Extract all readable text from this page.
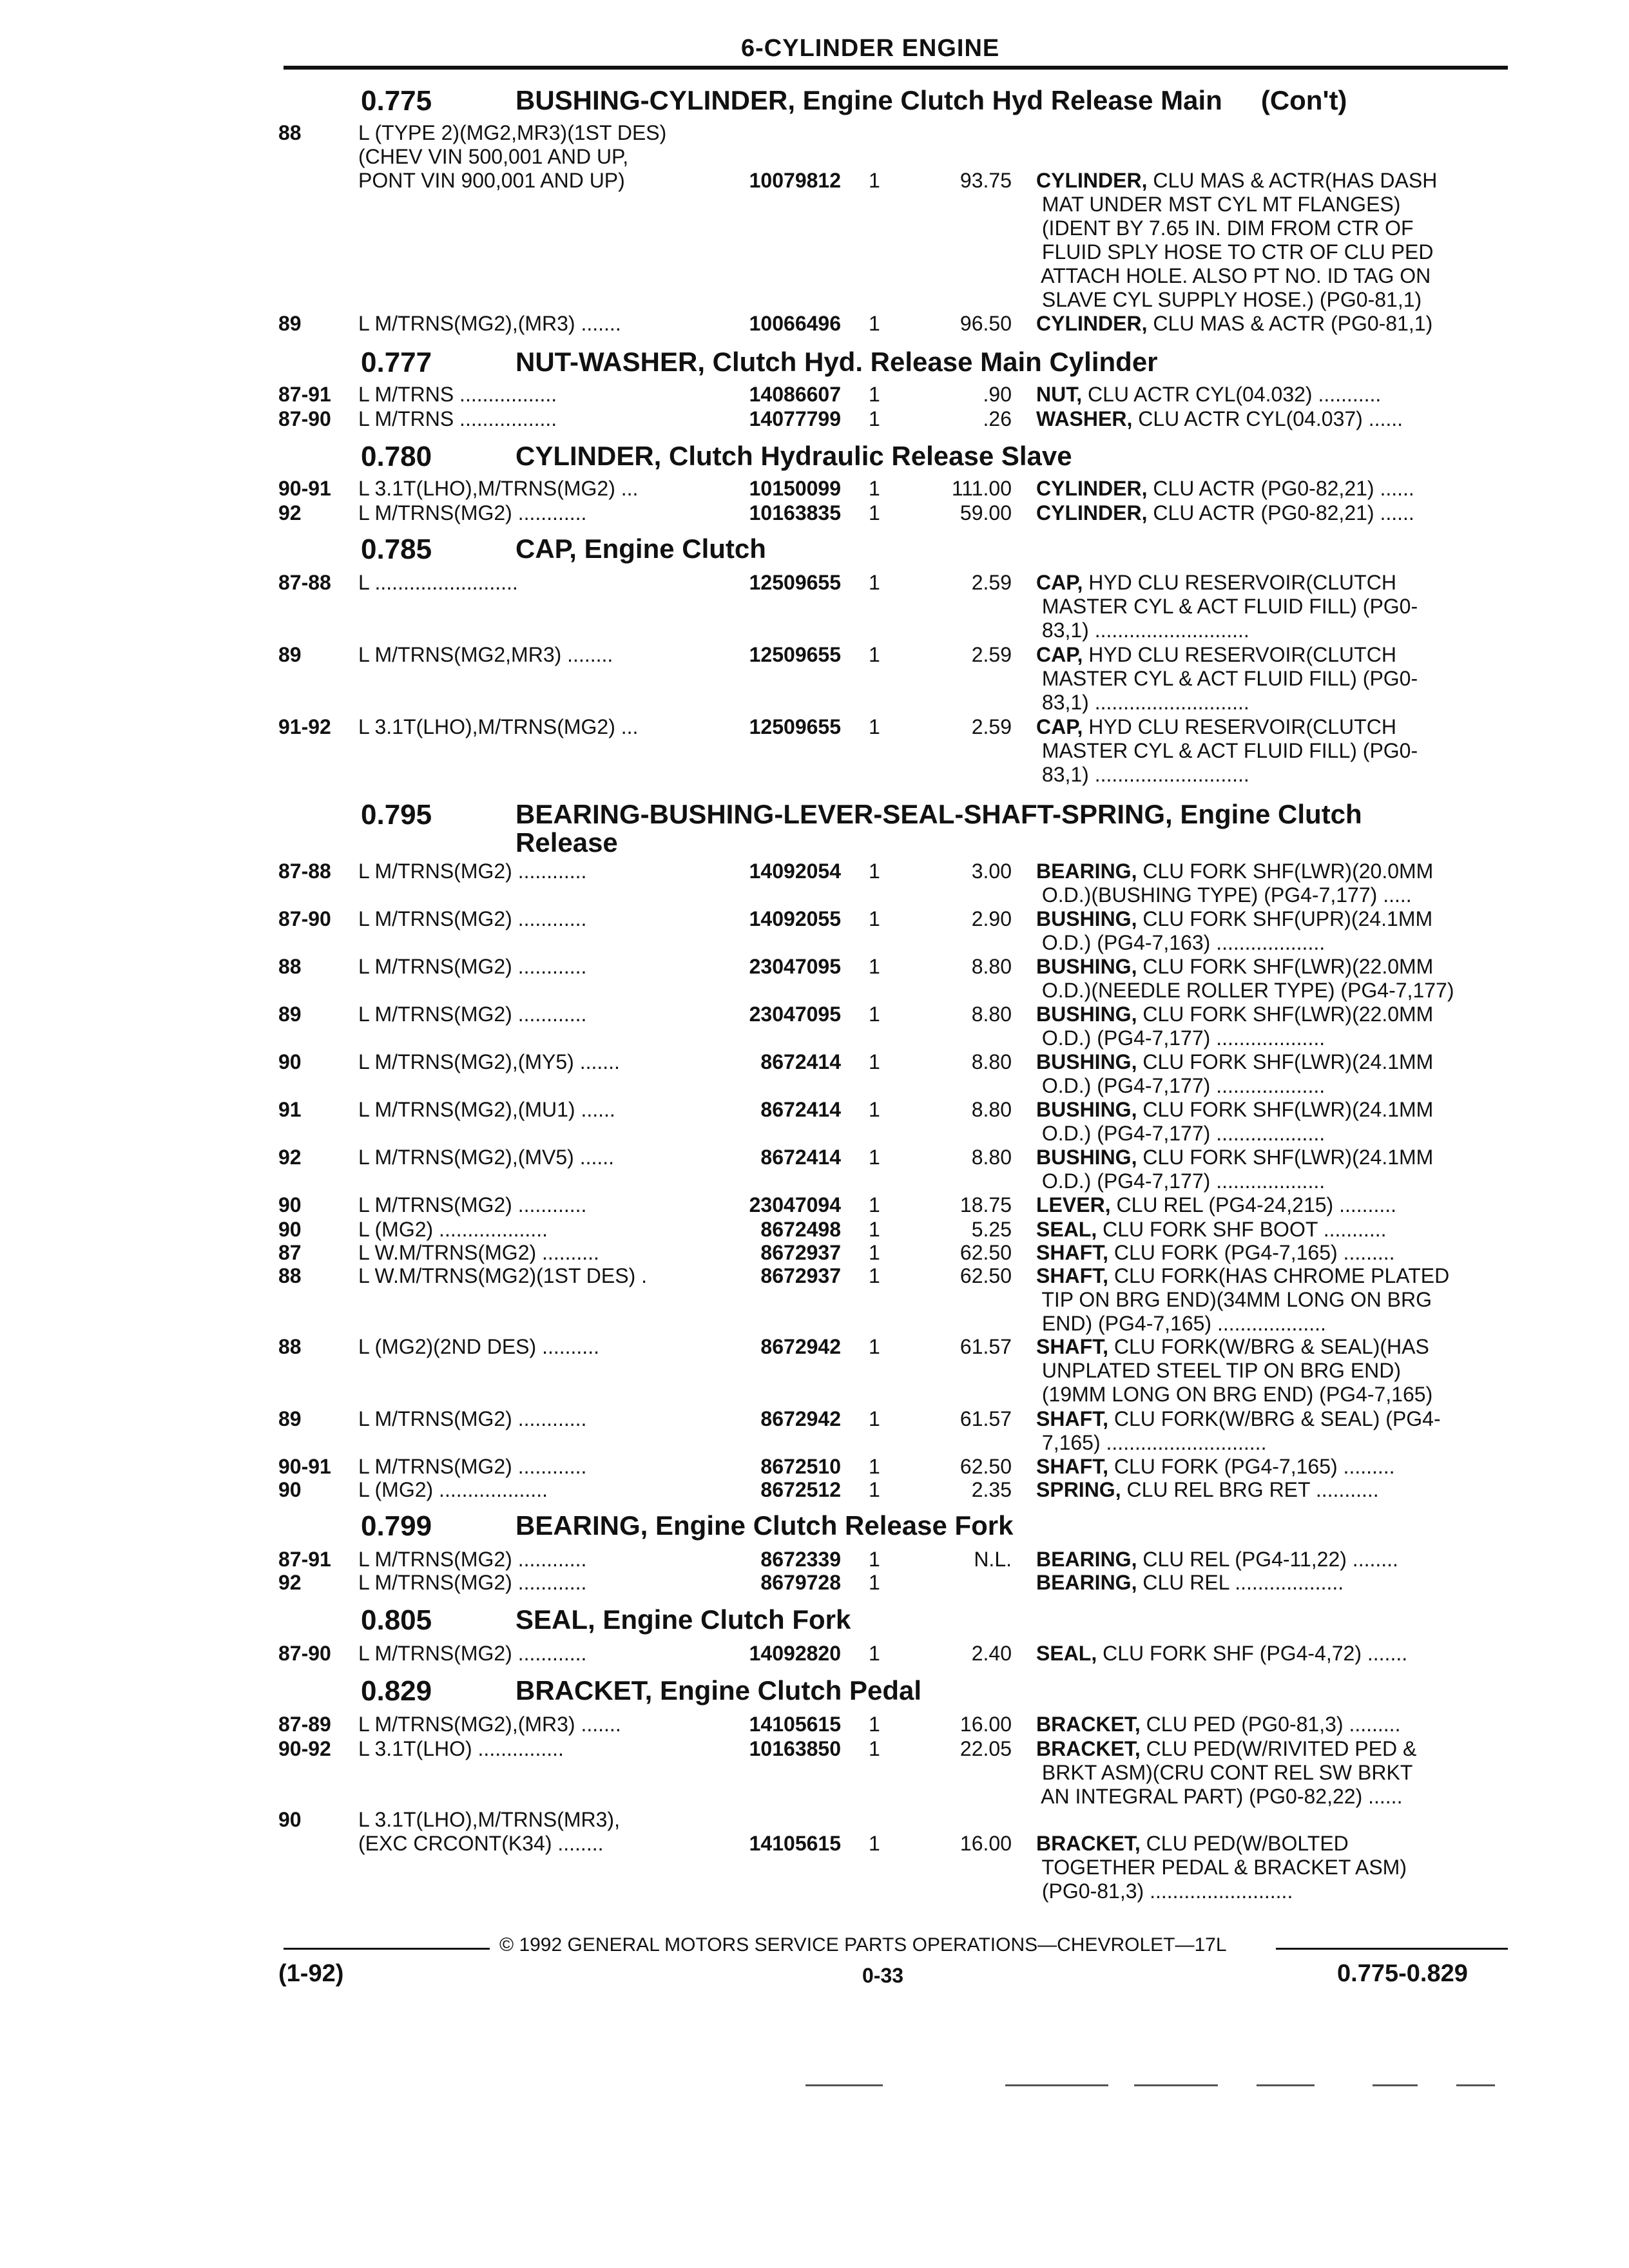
6-CYLINDER ENGINE
0.775	BUSHING-CYLINDER, Engine Clutch Hyd Release Main (Con't)
88	L (TYPE 2)(MG2,MR3)(1ST DES)
(CHEV VIN 500,001 AND UP,
PONT VIN 900,001 AND UP)	10079812 1	93.75 CYLINDER, CLU MAS & ACTR(HAS DASH
MAT UNDER MST CYL MT FLANGES)
(IDENT BY 7.65 IN. DIM FROM CTR OF
FLUID SPLY HOSE TO CTR OF CLU PED
ATTACH HOLE. ALSO PT NO. ID TAG ON
SLAVE CYL SUPPLY HOSE.) (PG0-81,1)
89	L M/TRNS(MG2),(MR3) .......	10066496 1	96.50 CYLINDER, CLU MAS & ACTR (PG0-81,1)
0.777	NUT-WASHER, Clutch Hyd. Release Main Cylinder
87-91 L M/TRNS .................	14086607 1	.90 NUT, CLU ACTR CYL(04.032) ...........
87-90 L M/TRNS .................	14077799 1	.26 WASHER, CLU ACTR CYL(04.037) ......
0.780	CYLINDER, Clutch Hydraulic Release Slave
90-91 L 3.1T(LHO),M/TRNS(MG2) ...	10150099 1	111.00 CYLINDER, CLU ACTR (PG0-82,21) ......
92	L M/TRNS(MG2) ............	10163835 1	59.00 CYLINDER, CLU ACTR (PG0-82,21) ......
0.785	CAP, Engine Clutch
87-88 L .........................	12509655 1	2.59 CAP, HYD CLU RESERVOIR(CLUTCH
MASTER CYL & ACT FLUID FILL) (PG0-
83,1) ...........................
89	L M/TRNS(MG2,MR3) ........	12509655 1	2.59 CAP, HYD CLU RESERVOIR(CLUTCH
MASTER CYL & ACT FLUID FILL) (PG0-
83,1) ...........................
91-92 L 3.1T(LHO),M/TRNS(MG2) ...	12509655 1	2.59 CAP, HYD CLU RESERVOIR(CLUTCH
MASTER CYL & ACT FLUID FILL) (PG0-
83,1) ...........................
0.795	BEARING-BUSHING-LEVER-SEAL-SHAFT-SPRING, Engine Clutch
Release
87-88 L M/TRNS(MG2) ............	14092054 1	3.00 BEARING, CLU FORK SHF(LWR)(20.0MM
O.D.)(BUSHING TYPE) (PG4-7,177) .....
87-90 L M/TRNS(MG2) ............	14092055 1	2.90 BUSHING, CLU FORK SHF(UPR)(24.1MM
O.D.) (PG4-7,163) ...................
88	L M/TRNS(MG2) ............	23047095 1	8.80 BUSHING, CLU FORK SHF(LWR)(22.0MM
O.D.)(NEEDLE ROLLER TYPE) (PG4-7,177)
89	L M/TRNS(MG2) ............	23047095 1	8.80 BUSHING, CLU FORK SHF(LWR)(22.0MM
O.D.) (PG4-7,177) ...................
90	L M/TRNS(MG2),(MY5) .......	8672414 1	8.80 BUSHING, CLU FORK SHF(LWR)(24.1MM
O.D.) (PG4-7,177) ...................
91	L M/TRNS(MG2),(MU1) ......	8672414 1	8.80 BUSHING, CLU FORK SHF(LWR)(24.1MM
O.D.) (PG4-7,177) ...................
92	L M/TRNS(MG2),(MV5) ......	8672414 1	8.80 BUSHING, CLU FORK SHF(LWR)(24.1MM
O.D.) (PG4-7,177) ...................
90	L M/TRNS(MG2) ............	23047094 1	18.75 LEVER, CLU REL (PG4-24,215) ..........
90	L (MG2) ...................	8672498 1	5.25 SEAL, CLU FORK SHF BOOT ...........
87	L W.M/TRNS(MG2) ..........	8672937 1	62.50 SHAFT, CLU FORK (PG4-7,165) .........
88	L W.M/TRNS(MG2)(1ST DES) .	8672937 1	62.50 SHAFT, CLU FORK(HAS CHROME PLATED
TIP ON BRG END)(34MM LONG ON BRG
END) (PG4-7,165) ...................
88	L (MG2)(2ND DES) ..........	8672942 1	61.57 SHAFT, CLU FORK(W/BRG & SEAL)(HAS
UNPLATED STEEL TIP ON BRG END)
(19MM LONG ON BRG END) (PG4-7,165)
89	L M/TRNS(MG2) ............	8672942 1	61.57 SHAFT, CLU FORK(W/BRG & SEAL) (PG4-
7,165) ............................
90-91 L M/TRNS(MG2) ............	8672510 1	62.50 SHAFT, CLU FORK (PG4-7,165) .........
90	L (MG2) ...................	8672512 1	2.35 SPRING, CLU REL BRG RET ...........
0.799	BEARING, Engine Clutch Release Fork
87-91 L M/TRNS(MG2) ............	8672339 1	N.L. BEARING, CLU REL (PG4-11,22) ........
92	L M/TRNS(MG2) ............	8679728 1	BEARING, CLU REL ...................
0.805	SEAL, Engine Clutch Fork
87-90 L M/TRNS(MG2) ............	14092820 1	2.40 SEAL, CLU FORK SHF (PG4-4,72) .......
0.829	BRACKET, Engine Clutch Pedal
87-89 L M/TRNS(MG2),(MR3) .......	14105615 1	16.00 BRACKET, CLU PED (PG0-81,3) .........
90-92 L 3.1T(LHO) ...............	10163850 1	22.05 BRACKET, CLU PED(W/RIVITED PED &
BRKT ASM)(CRU CONT REL SW BRKT
AN INTEGRAL PART) (PG0-82,22) ......
90	L 3.1T(LHO),M/TRNS(MR3),
(EXC CRCONT(K34) ........	14105615 1	16.00 BRACKET, CLU PED(W/BOLTED
TOGETHER PEDAL & BRACKET ASM)
(PG0-81,3) .........................
© 1992 GENERAL MOTORS SERVICE PARTS OPERATIONS—CHEVROLET—17L
(1-92)	0-33	0.775-0.829
